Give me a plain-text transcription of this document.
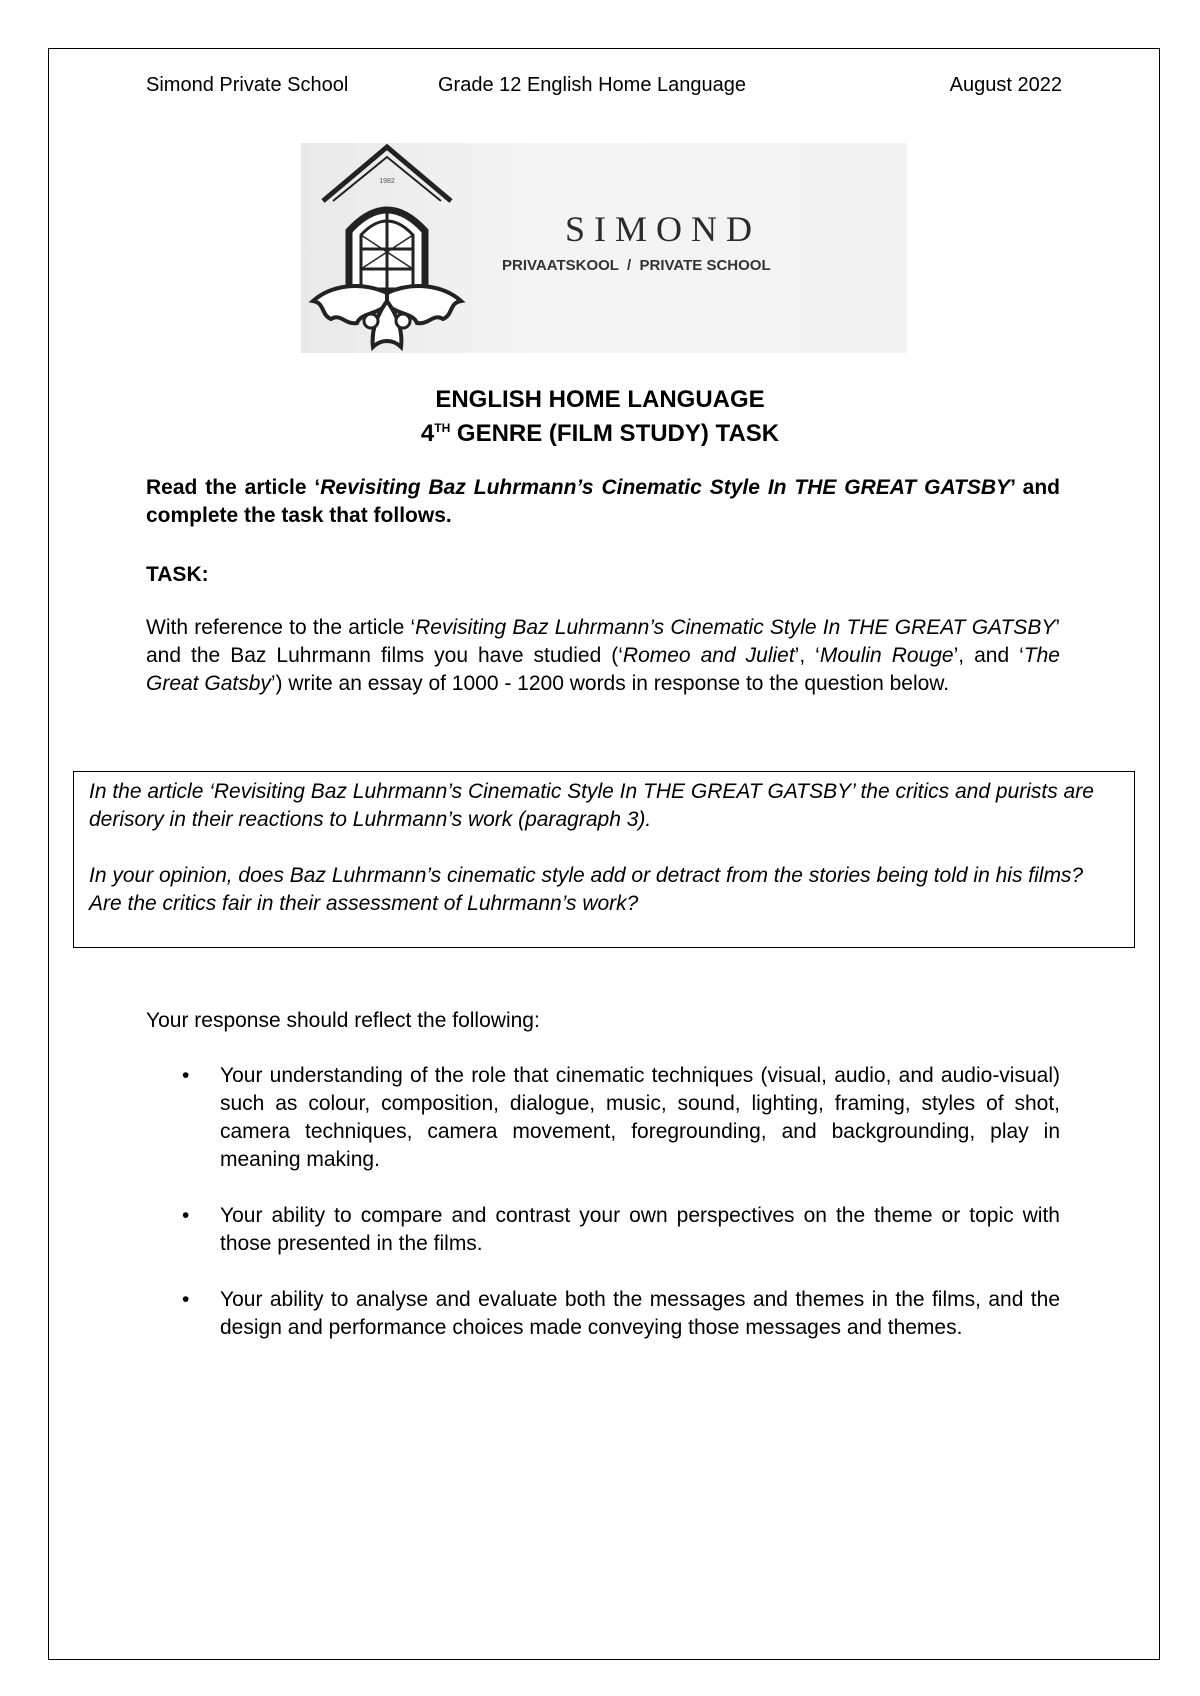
Simond Private School	Grade 12 English Home Language	August 2022
1982
SIMOND
PRIVAATSKOOL  /  PRIVATE SCHOOL
ENGLISH HOME LANGUAGE
4TH GENRE (FILM STUDY) TASK

Read the article ‘Revisiting Baz Luhrmann’s Cinematic Style In THE GREAT GATSBY’ and complete the task that follows.

TASK:

With reference to the article ‘Revisiting Baz Luhrmann’s Cinematic Style In THE GREAT GATSBY’ and the Baz Luhrmann films you have studied (‘Romeo and Juliet’, ‘Moulin Rouge’, and ‘The Great Gatsby’) write an essay of 1000 - 1200 words in response to the question below.

In the article ‘Revisiting Baz Luhrmann’s Cinematic Style In THE GREAT GATSBY’ the critics and purists are derisory in their reactions to Luhrmann’s work (paragraph 3).

In your opinion, does Baz Luhrmann’s cinematic style add or detract from the stories being told in his films? Are the critics fair in their assessment of Luhrmann’s work?

Your response should reflect the following:

• Your understanding of the role that cinematic techniques (visual, audio, and audio-visual) such as colour, composition, dialogue, music, sound, lighting, framing, styles of shot, camera techniques, camera movement, foregrounding, and backgrounding, play in meaning making.
• Your ability to compare and contrast your own perspectives on the theme or topic with those presented in the films.
• Your ability to analyse and evaluate both the messages and themes in the films, and the design and performance choices made conveying those messages and themes.
